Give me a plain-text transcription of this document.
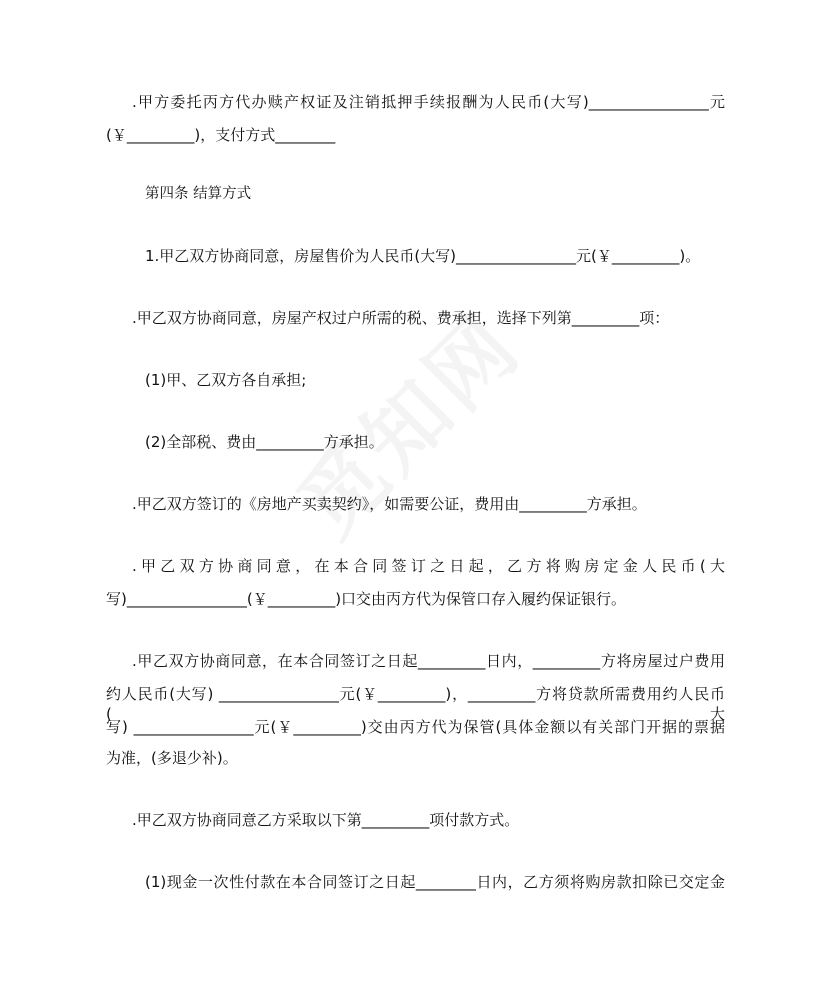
.甲方委托丙方代办赎产权证及注销抵押手续报酬为人民币(大写)________________元

(￥_________)，支付方式________

第四条 结算方式

1.甲乙双方协商同意，房屋售价为人民币(大写)________________元(￥_________)。

.甲乙双方协商同意，房屋产权过户所需的税、费承担，选择下列第_________项：

(1)甲、乙双方各自承担;

(2)全部税、费由_________方承担。

.甲乙双方签订的《房地产买卖契约》，如需要公证，费用由_________方承担。

.甲乙双方协商同意，在本合同签订之日起，乙方将购房定金人民币(大

写)________________(￥_________)口交由丙方代为保管口存入履约保证银行。

.甲乙双方协商同意，在本合同签订之日起_________日内，_________方将房屋过户费用

约人民币(大写) ________________元(￥_________)，_________方将贷款所需费用约人民币(大

写) ________________元(￥_________)交由丙方代为保管(具体金额以有关部门开据的票据

为准，(多退少补)。

.甲乙双方协商同意乙方采取以下第_________项付款方式。

(1)现金一次性付款在本合同签订之日起________日内，乙方须将购房款扣除已交定金
